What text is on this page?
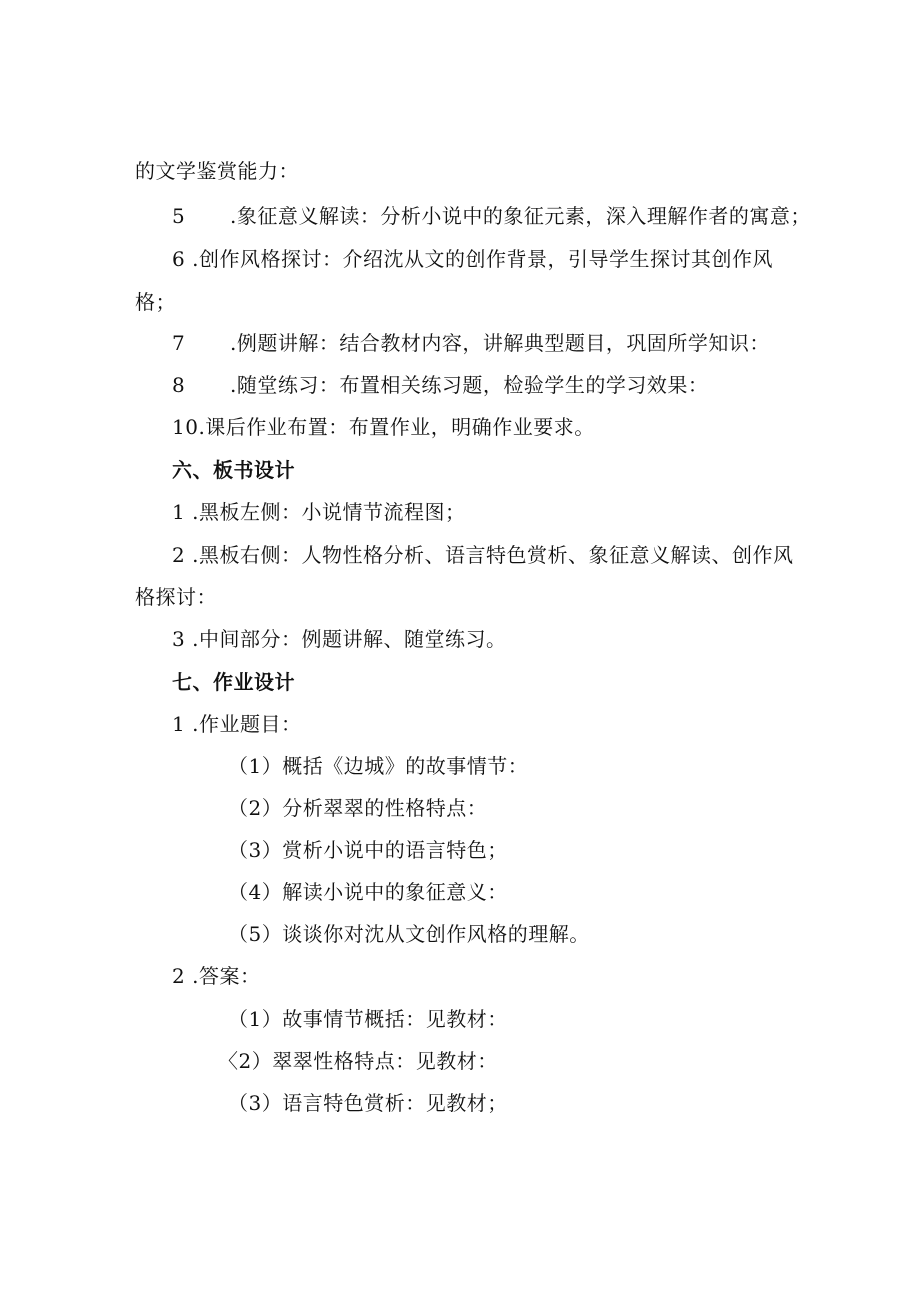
的文学鉴赏能力：
5 .象征意义解读：分析小说中的象征元素，深入理解作者的寓意；
6 .创作风格探讨：介绍沈从文的创作背景，引导学生探讨其创作风
格；
7 .例题讲解：结合教材内容，讲解典型题目，巩固所学知识：
8 .随堂练习：布置相关练习题，检验学生的学习效果：
10.课后作业布置：布置作业，明确作业要求。
六、板书设计
1 .黑板左侧：小说情节流程图；
2 .黑板右侧：人物性格分析、语言特色赏析、象征意义解读、创作风
格探讨：
3 .中间部分：例题讲解、随堂练习。
七、作业设计
1 .作业题目：
（1）概括《边城》的故事情节：
（2）分析翠翠的性格特点：
（3）赏析小说中的语言特色；
（4）解读小说中的象征意义：
（5）谈谈你对沈从文创作风格的理解。
2 .答案：
（1）故事情节概括：见教材：
〈2）翠翠性格特点：见教材：
（3）语言特色赏析：见教材；
